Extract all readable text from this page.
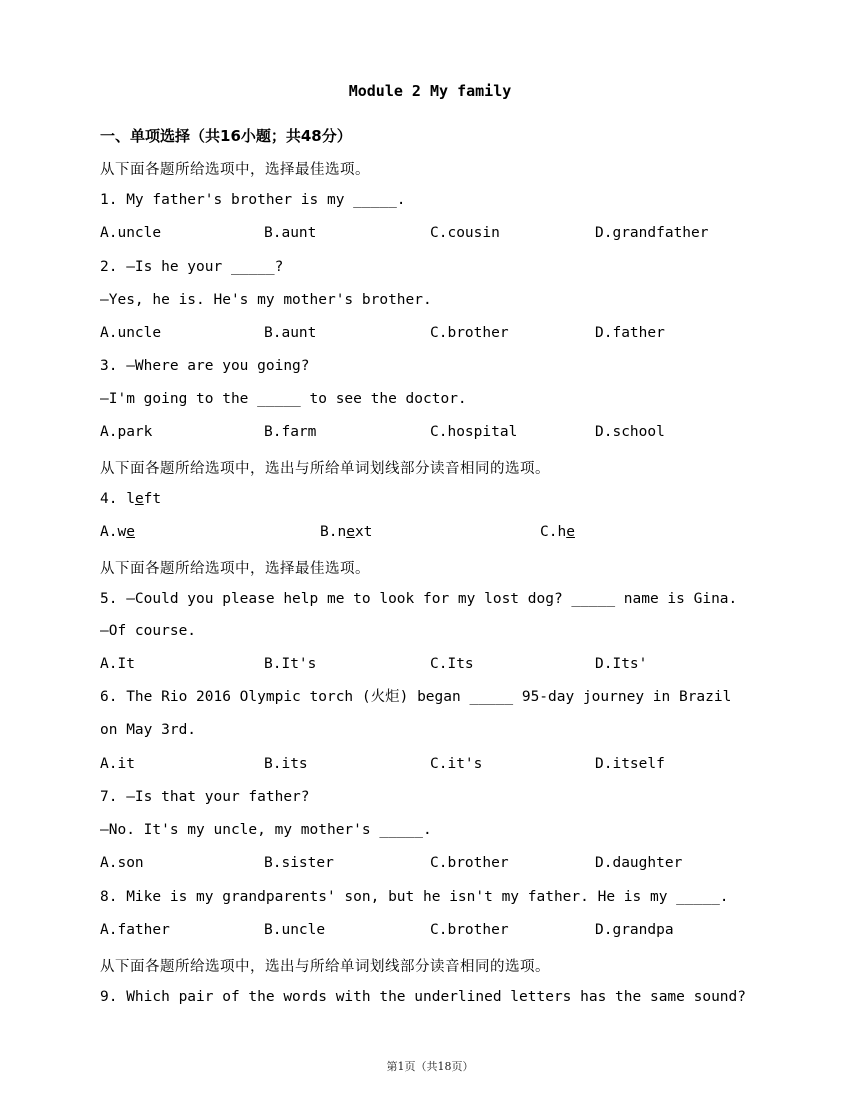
Module 2 My family
一、单项选择（共16小题；共48分）
从下面各题所给选项中，选择最佳选项。
1. My father's brother is my _____.
A.uncle	B.aunt	C.cousin	D.grandfather
2. —Is he your _____?
—Yes, he is. He's my mother's brother.
A.uncle	B.aunt	C.brother	D.father
3. —Where are you going?
—I'm going to the _____ to see the doctor.
A.park	B.farm	C.hospital	D.school
从下面各题所给选项中，选出与所给单词划线部分读音相同的选项。
4. left
A.we	B.next	C.he
从下面各题所给选项中，选择最佳选项。
5. —Could you please help me to look for my lost dog? _____ name is Gina.
—Of course.
A.It	B.It's	C.Its	D.Its'
6. The Rio 2016 Olympic torch (火炬) began _____ 95-day journey in Brazil on May 3rd.
A.it	B.its	C.it's	D.itself
7. —Is that your father?
—No. It's my uncle, my mother's _____.
A.son	B.sister	C.brother	D.daughter
8. Mike is my grandparents' son, but he isn't my father. He is my _____.
A.father	B.uncle	C.brother	D.grandpa
从下面各题所给选项中，选出与所给单词划线部分读音相同的选项。
9. Which pair of the words with the underlined letters has the same sound?
第1页（共18页）
